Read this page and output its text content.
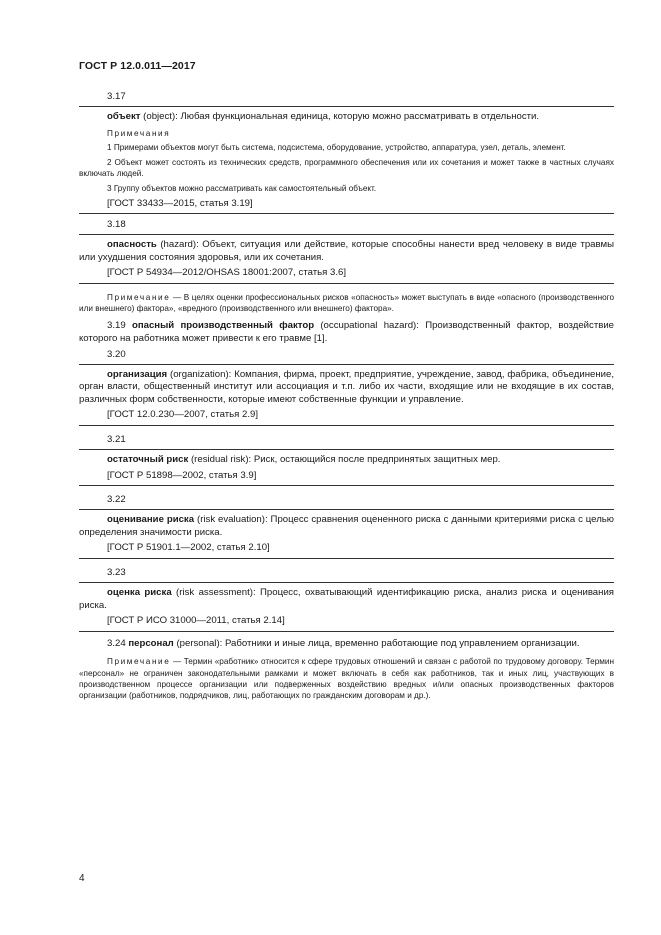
ГОСТ Р 12.0.011—2017
3.17

объект (object): Любая функциональная единица, которую можно рассматривать в отдельности.

Примечания

1 Примерами объектов могут быть система, подсистема, оборудование, устройство, аппаратура, узел, деталь, элемент.

2 Объект может состоять из технических средств, программного обеспечения или их сочетания и может также в частных случаях включать людей.

3 Группу объектов можно рассматривать как самостоятельный объект.

[ГОСТ 33433—2015, статья 3.19]

3.18

опасность (hazard): Объект, ситуация или действие, которые способны нанести вред человеку в виде травмы или ухудшения состояния здоровья, или их сочетания.

[ГОСТ Р 54934—2012/OHSAS 18001:2007, статья 3.6]

Примечание — В целях оценки профессиональных рисков «опасность» может выступать в виде «опасного (производственного или внешнего) фактора», «вредного (производственного или внешнего) фактора».

3.19 опасный производственный фактор (occupational hazard): Производственный фактор, воздействие которого на работника может привести к его травме [1].

3.20

организация (organization): Компания, фирма, проект, предприятие, учреждение, завод, фабрика, объединение, орган власти, общественный институт или ассоциация и т.п. либо их части, входящие или не входящие в их состав, различных форм собственности, которые имеют собственные функции и управление.

[ГОСТ 12.0.230—2007, статья 2.9]

3.21

остаточный риск (residual risk): Риск, остающийся после предпринятых защитных мер.

[ГОСТ Р 51898—2002, статья 3.9]

3.22

оценивание риска (risk evaluation): Процесс сравнения оцененного риска с данными критериями риска с целью определения значимости риска.

[ГОСТ Р 51901.1—2002, статья 2.10]

3.23

оценка риска (risk assessment): Процесс, охватывающий идентификацию риска, анализ риска и оценивания риска.

[ГОСТ Р ИСО 31000—2011, статья 2.14]

3.24 персонал (personal): Работники и иные лица, временно работающие под управлением организации.

Примечание — Термин «работник» относится к сфере трудовых отношений и связан с работой по трудовому договору. Термин «персонал» не ограничен законодательными рамками и может включать в себя как работников, так и иных лиц, участвующих в производственном процессе организации или подверженных воздействию вредных и/или опасных производственных факторов организации (работников, подрядчиков, лиц, работающих по гражданским договорам и др.).

4
